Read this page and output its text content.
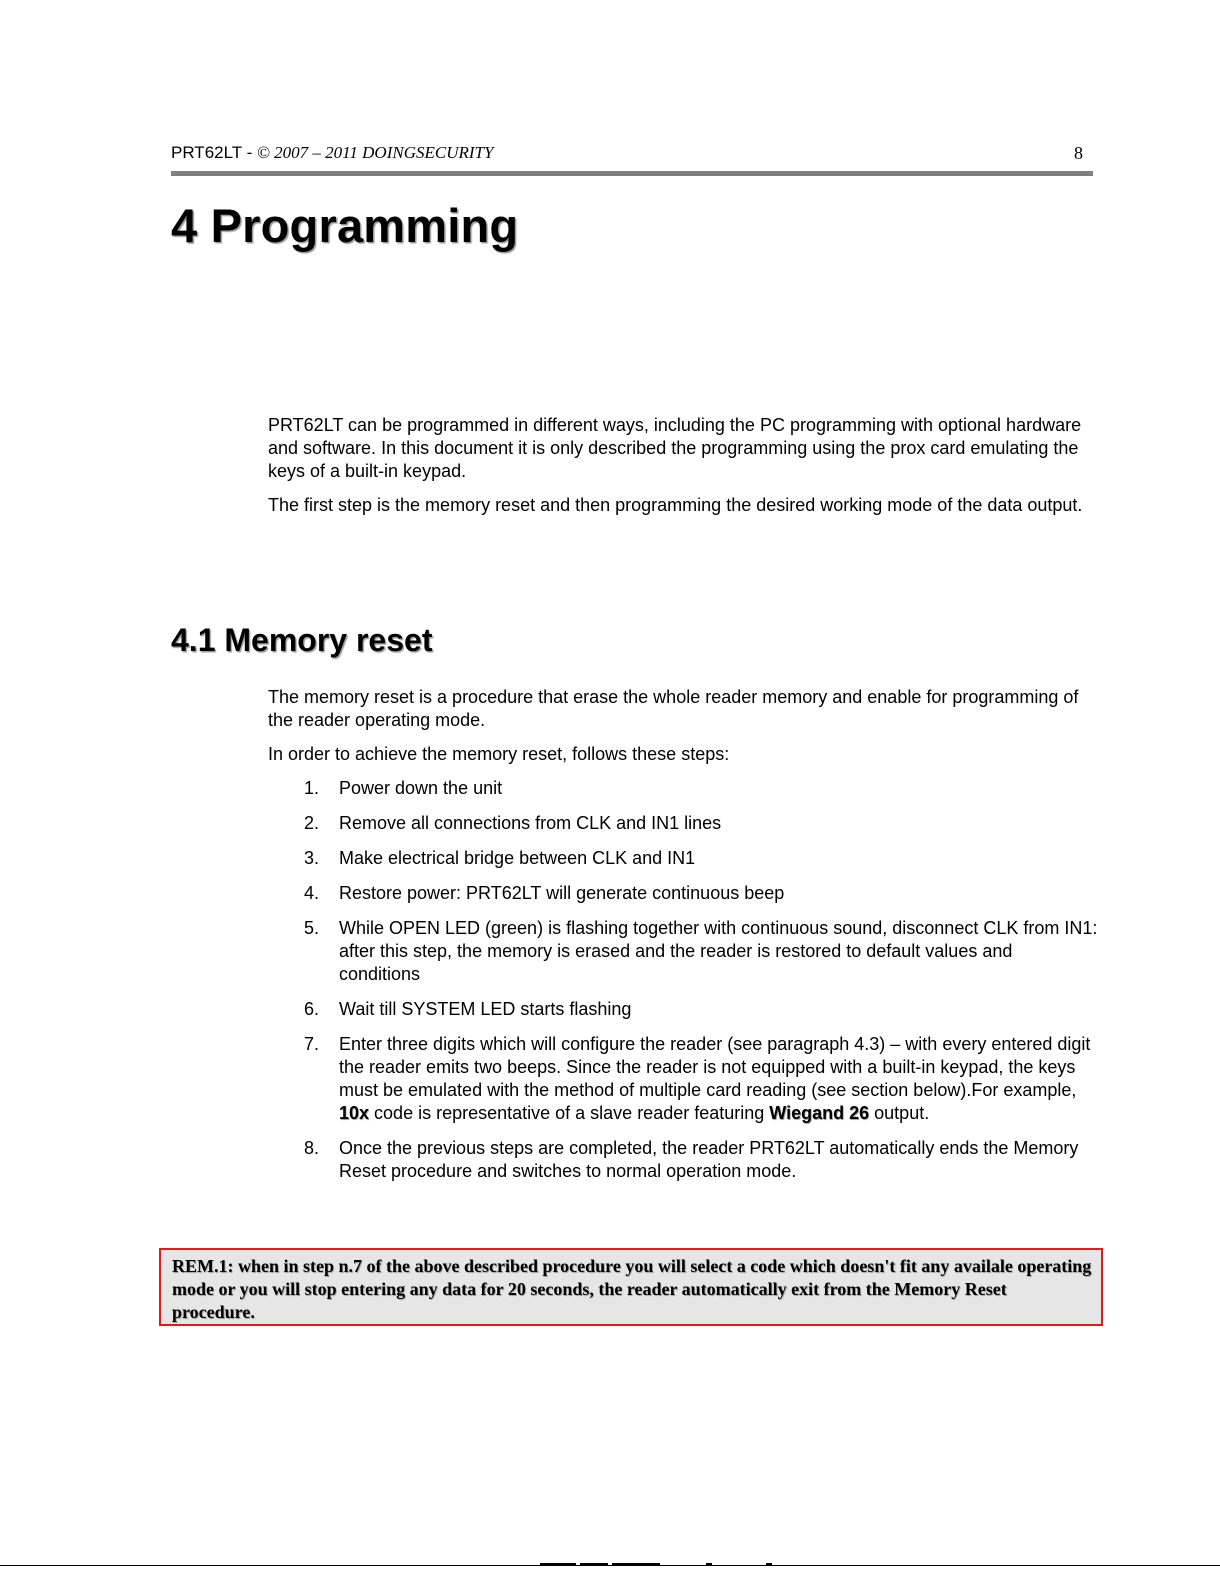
PRT62LT - © 2007 – 2011 DOINGSECURITY	8
4 Programming

PRT62LT can be programmed in different ways, including the PC programming with optional hardware and software. In this document it is only described the programming using the prox card emulating the keys of a built-in keypad.

The first step is the memory reset and then programming the desired working mode of the data output.

4.1 Memory reset

The memory reset is a procedure that erase the whole reader memory and enable for programming of the reader operating mode.

In order to achieve the memory reset, follows these steps:

1. Power down the unit
2. Remove all connections from CLK and IN1 lines
3. Make electrical bridge between CLK and IN1
4. Restore power: PRT62LT will generate continuous beep
5. While OPEN LED (green) is flashing together with continuous sound, disconnect CLK from IN1: after this step, the memory is erased and the reader is restored to default values and conditions
6. Wait till SYSTEM LED starts flashing
7. Enter three digits which will configure the reader (see paragraph 4.3) – with every entered digit the reader emits two beeps. Since the reader is not equipped with a built-in keypad, the keys must be emulated with the method of multiple card reading (see section below).For example, 10x code is representative of a slave reader featuring Wiegand 26 output.
8. Once the previous steps are completed, the reader PRT62LT automatically ends the Memory Reset procedure and switches to normal operation mode.

REM.1: when in step n.7 of the above described procedure you will select a code which doesn't fit any availale operating mode or you will stop entering any data for 20 seconds, the reader automatically exit from the Memory Reset procedure.
